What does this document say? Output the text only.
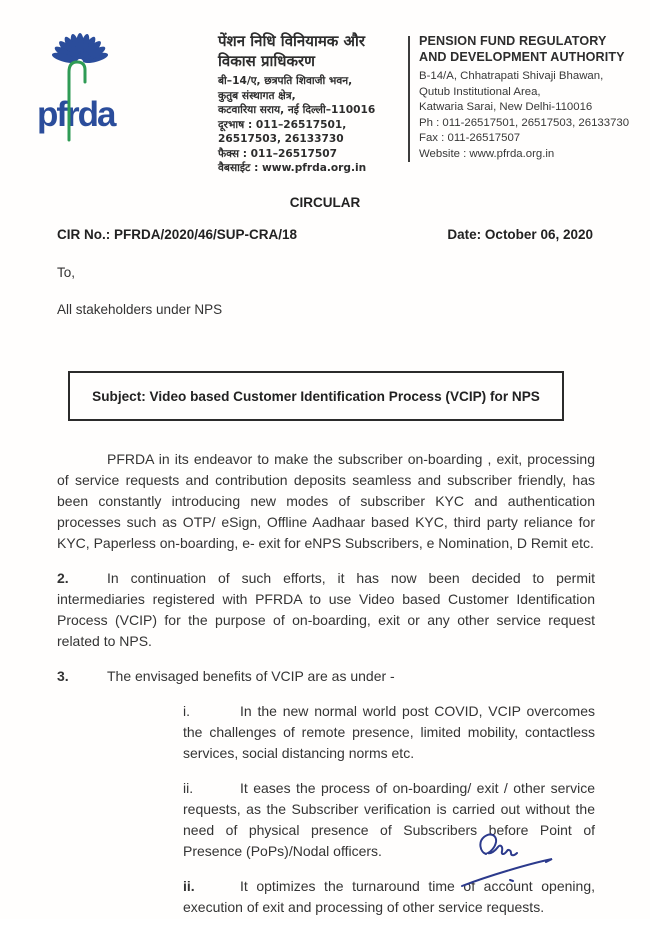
pfrda
पेंशन निधि विनियामक और
विकास प्राधिकरण
बी–14/ए, छत्रपति शिवाजी भवन,
कुतुब संस्थागत क्षेत्र,
कटवारिया सराय, नई दिल्ली–110016
दूरभाष : 011–26517501, 26517503, 26133730
फैक्स : 011–26517507
वैबसाईट : www.pfrda.org.in
PENSION FUND REGULATORY
AND DEVELOPMENT AUTHORITY
B-14/A, Chhatrapati Shivaji Bhawan,
Qutub Institutional Area,
Katwaria Sarai, New Delhi-110016
Ph : 011-26517501, 26517503, 26133730
Fax : 011-26517507
Website : www.pfrda.org.in
CIRCULAR
CIR No.: PFRDA/2020/46/SUP-CRA/18	Date: October 06, 2020
To,
All stakeholders under NPS
Subject: Video based Customer Identification Process (VCIP) for NPS

PFRDA in its endeavor to make the subscriber on-boarding , exit, processing of service requests and contribution deposits seamless and subscriber friendly, has been constantly introducing new modes of subscriber KYC and authentication processes such as OTP/ eSign, Offline Aadhaar based KYC, third party reliance for KYC, Paperless on-boarding, e- exit for eNPS Subscribers, e Nomination, D Remit etc.

2.	In continuation of such efforts, it has now been decided to permit intermediaries registered with PFRDA to use Video based Customer Identification Process (VCIP) for the purpose of on-boarding, exit or any other service request related to NPS.

3.	The envisaged benefits of VCIP are as under -

i.	In the new normal world post COVID, VCIP overcomes the challenges of remote presence, limited mobility, contactless services, social distancing norms etc.
ii.	It eases the process of on-boarding/ exit / other service requests, as the Subscriber verification is carried out without the need of physical presence of Subscribers before Point of Presence (PoPs)/Nodal officers.
ii.	It optimizes the turnaround time of account opening, execution of exit and processing of other service requests.
